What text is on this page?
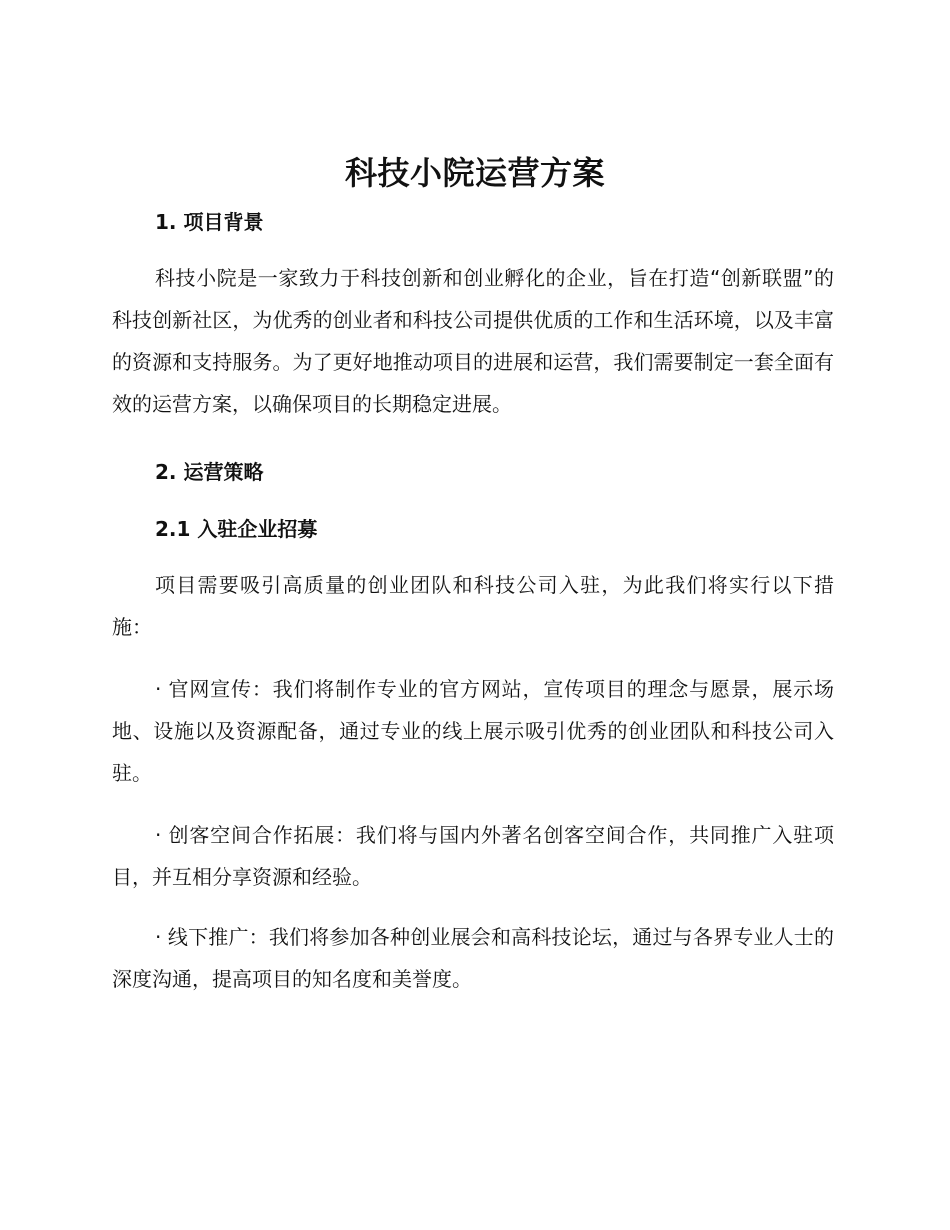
科技小院运营方案
1. 项目背景

科技小院是一家致力于科技创新和创业孵化的企业，旨在打造“创新联盟”的科技创新社区，为优秀的创业者和科技公司提供优质的工作和生活环境，以及丰富的资源和支持服务。为了更好地推动项目的进展和运营，我们需要制定一套全面有效的运营方案，以确保项目的长期稳定进展。

2. 运营策略
2.1 入驻企业招募

项目需要吸引高质量的创业团队和科技公司入驻，为此我们将实行以下措施：

· 官网宣传：我们将制作专业的官方网站，宣传项目的理念与愿景，展示场地、设施以及资源配备，通过专业的线上展示吸引优秀的创业团队和科技公司入驻。

· 创客空间合作拓展：我们将与国内外著名创客空间合作，共同推广入驻项目，并互相分享资源和经验。

· 线下推广：我们将参加各种创业展会和高科技论坛，通过与各界专业人士的深度沟通，提高项目的知名度和美誉度。
